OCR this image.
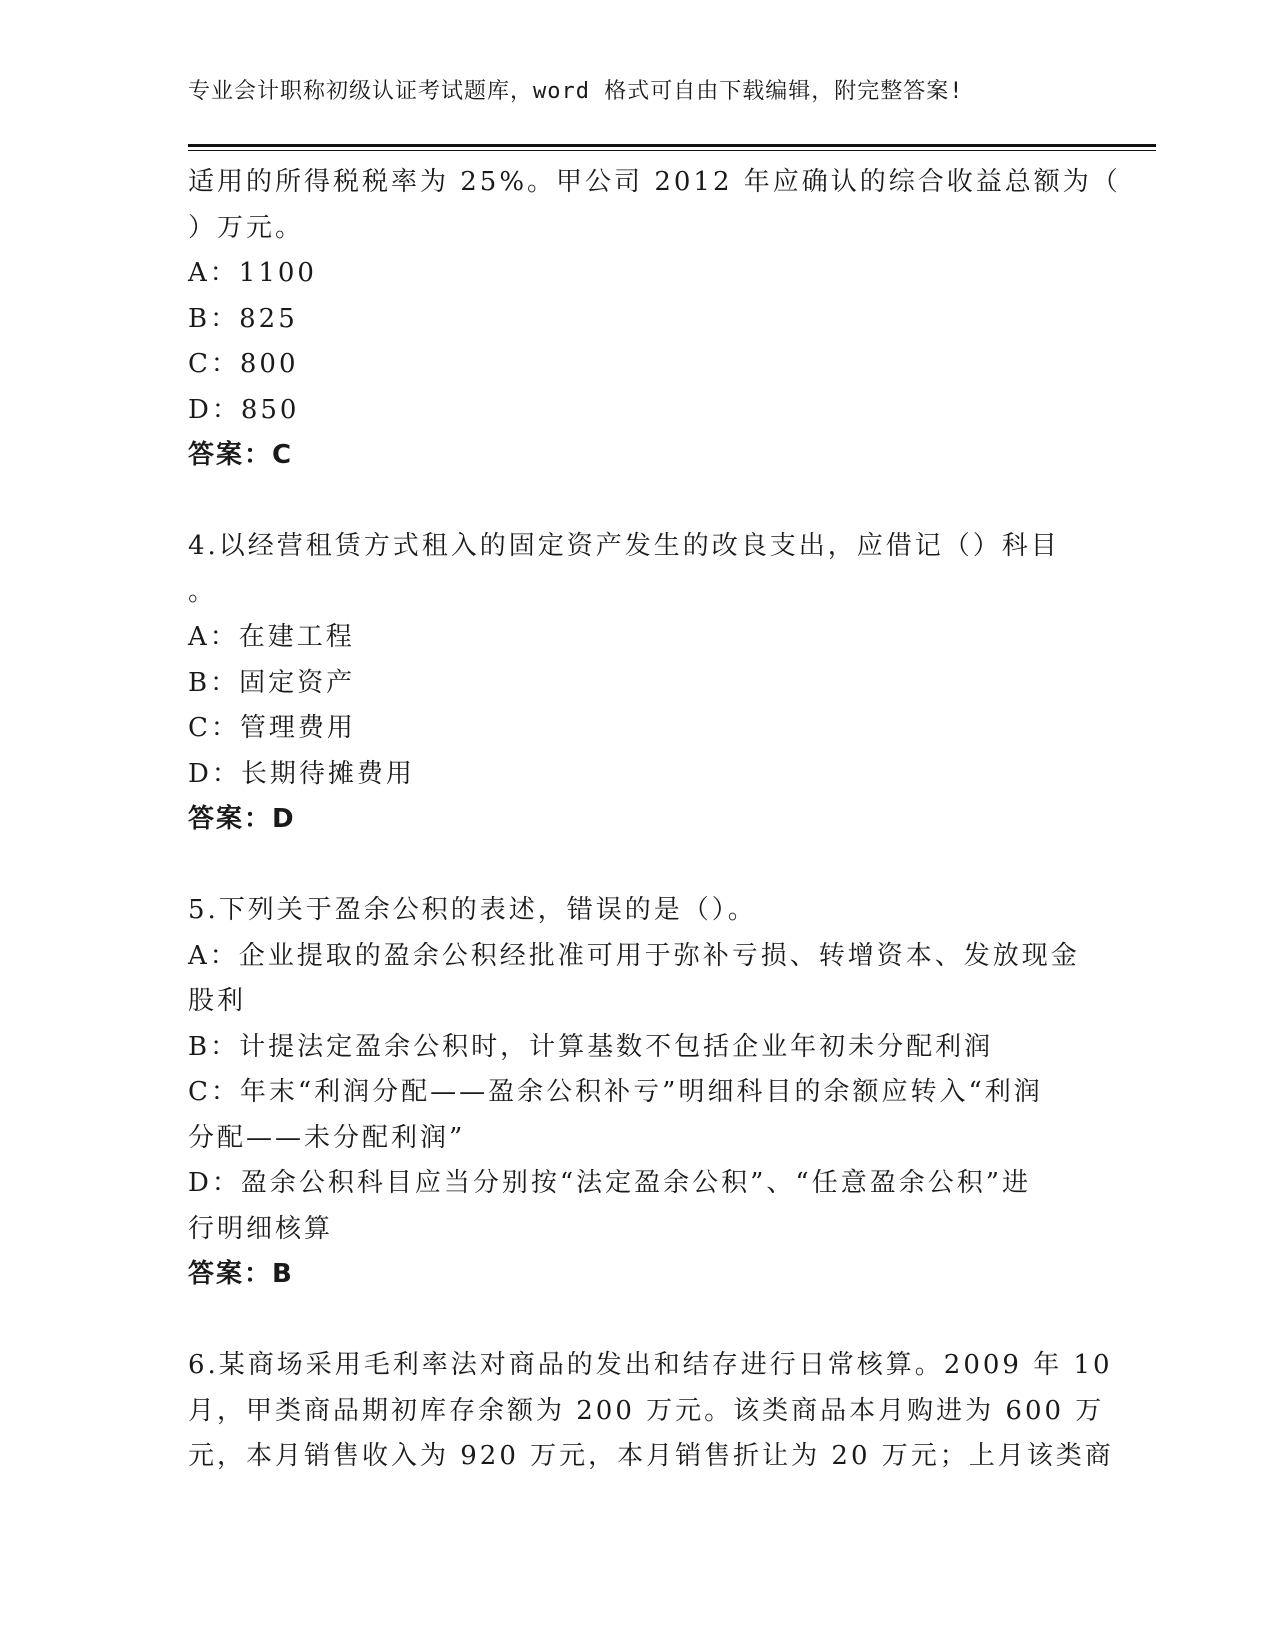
专业会计职称初级认证考试题库，word 格式可自由下载编辑，附完整答案!
适用的所得税税率为 25%。甲公司 2012 年应确认的综合收益总额为（
）万元。
A：1100
B：825
C：800
D：850
答案：C
4.以经营租赁方式租入的固定资产发生的改良支出，应借记（）科目
。
A：在建工程
B：固定资产
C：管理费用
D：长期待摊费用
答案：D
5.下列关于盈余公积的表述，错误的是（）。
A：企业提取的盈余公积经批准可用于弥补亏损、转增资本、发放现金
股利
B：计提法定盈余公积时，计算基数不包括企业年初未分配利润
C：年末“利润分配——盈余公积补亏”明细科目的余额应转入“利润
分配——未分配利润”
D：盈余公积科目应当分别按“法定盈余公积”、“任意盈余公积”进
行明细核算
答案：B
6.某商场采用毛利率法对商品的发出和结存进行日常核算。2009 年 10
月，甲类商品期初库存余额为 200 万元。该类商品本月购进为 600 万
元，本月销售收入为 920 万元，本月销售折让为 20 万元；上月该类商
